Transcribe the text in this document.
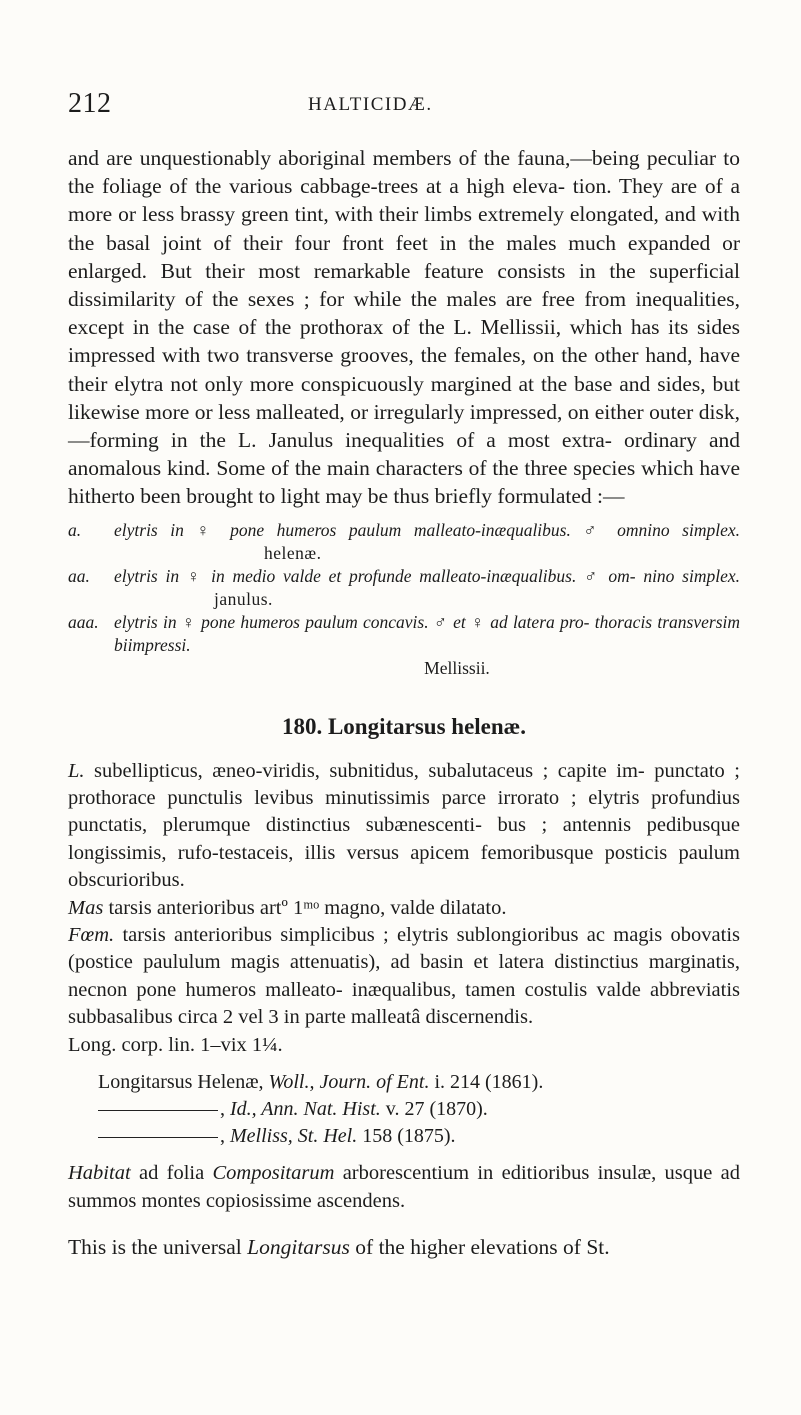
212	HALTICIDÆ.

and are unquestionably aboriginal members of the fauna,—being peculiar to the foliage of the various cabbage-trees at a high eleva- tion. They are of a more or less brassy green tint, with their limbs extremely elongated, and with the basal joint of their four front feet in the males much expanded or enlarged. But their most remarkable feature consists in the superficial dissimilarity of the sexes ; for while the males are free from inequalities, except in the case of the prothorax of the L. Mellissii, which has its sides impressed with two transverse grooves, the females, on the other hand, have their elytra not only more conspicuously margined at the base and sides, but likewise more or less malleated, or irregularly impressed, on either outer disk,—forming in the L. Janulus inequalities of a most extra- ordinary and anomalous kind. Some of the main characters of the three species which have hitherto been brought to light may be thus briefly formulated :—

a. elytris in ♀ pone humeros paulum malleato-inæqualibus. ♂ omnino simplex. helenæ.

aa. elytris in ♀ in medio valde et profunde malleato-inæqualibus. ♂ om- nino simplex. janulus.

aaa. elytris in ♀ pone humeros paulum concavis. ♂ et ♀ ad latera pro- thoracis transversim biimpressi.
Mellissii.

180. Longitarsus helenæ.

L. subellipticus, æneo-viridis, subnitidus, subalutaceus ; capite im- punctato ; prothorace punctulis levibus minutissimis parce irrorato ; elytris profundius punctatis, plerumque distinctius subænescenti- bus ; antennis pedibusque longissimis, rufo-testaceis, illis versus apicem femoribusque posticis paulum obscurioribus.

Mas tarsis anterioribus artº 1ᵐᵒ magno, valde dilatato.

Fœm. tarsis anterioribus simplicibus ; elytris sublongioribus ac magis obovatis (postice paululum magis attenuatis), ad basin et latera distinctius marginatis, necnon pone humeros malleato- inæqualibus, tamen costulis valde abbreviatis subbasalibus circa 2 vel 3 in parte malleatâ discernendis.

Long. corp. lin. 1–vix 1¼.

Longitarsus Helenæ, Woll., Journ. of Ent. i. 214 (1861).

, Id., Ann. Nat. Hist. v. 27 (1870).

, Melliss, St. Hel. 158 (1875).

Habitat ad folia Compositarum arborescentium in editioribus insulæ, usque ad summos montes copiosissime ascendens.

This is the universal Longitarsus of the higher elevations of St.
